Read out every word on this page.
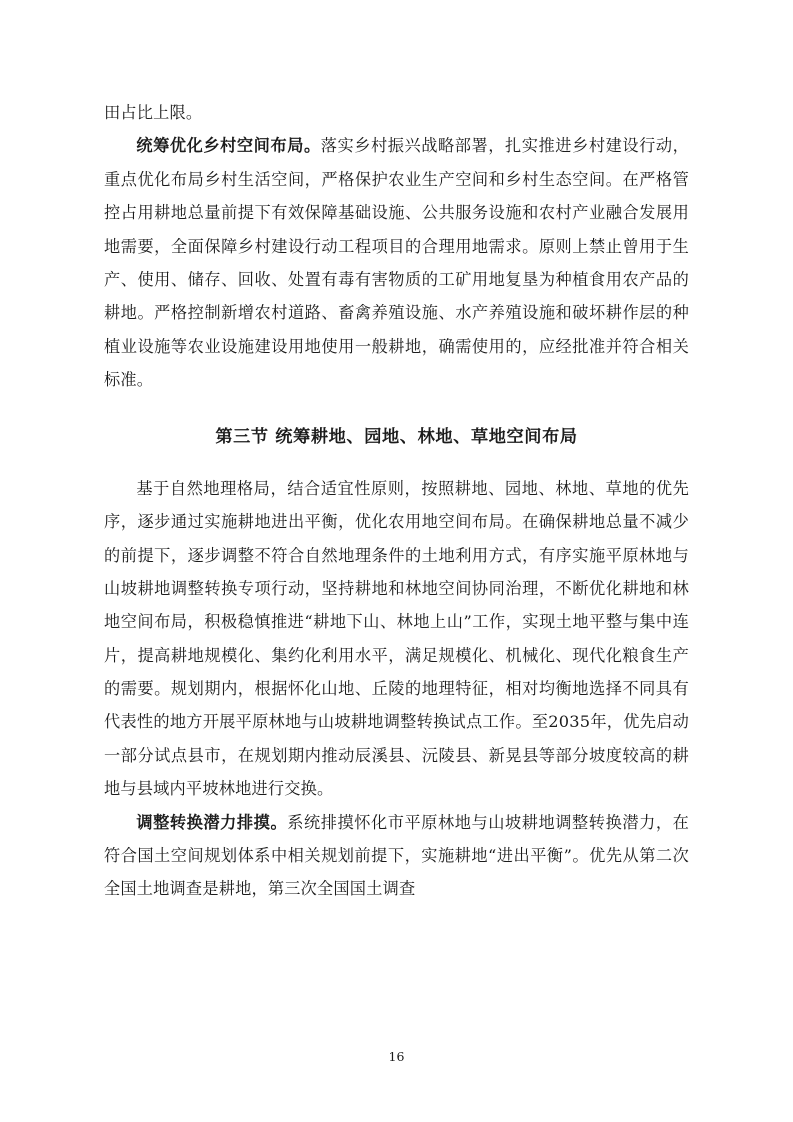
田占比上限。

统筹优化乡村空间布局。落实乡村振兴战略部署，扎实推进乡村建设行动，重点优化布局乡村生活空间，严格保护农业生产空间和乡村生态空间。在严格管控占用耕地总量前提下有效保障基础设施、公共服务设施和农村产业融合发展用地需要，全面保障乡村建设行动工程项目的合理用地需求。原则上禁止曾用于生产、使用、储存、回收、处置有毒有害物质的工矿用地复垦为种植食用农产品的耕地。严格控制新增农村道路、畜禽养殖设施、水产养殖设施和破坏耕作层的种植业设施等农业设施建设用地使用一般耕地，确需使用的，应经批准并符合相关标准。

第三节 统筹耕地、园地、林地、草地空间布局

基于自然地理格局，结合适宜性原则，按照耕地、园地、林地、草地的优先序，逐步通过实施耕地进出平衡，优化农用地空间布局。在确保耕地总量不减少的前提下，逐步调整不符合自然地理条件的土地利用方式，有序实施平原林地与山坡耕地调整转换专项行动，坚持耕地和林地空间协同治理，不断优化耕地和林地空间布局，积极稳慎推进“耕地下山、林地上山”工作，实现土地平整与集中连片，提高耕地规模化、集约化利用水平，满足规模化、机械化、现代化粮食生产的需要。规划期内，根据怀化山地、丘陵的地理特征，相对均衡地选择不同具有代表性的地方开展平原林地与山坡耕地调整转换试点工作。至2035年，优先启动一部分试点县市，在规划期内推动辰溪县、沅陵县、新晃县等部分坡度较高的耕地与县域内平坡林地进行交换。

调整转换潜力排摸。系统排摸怀化市平原林地与山坡耕地调整转换潜力，在符合国土空间规划体系中相关规划前提下，实施耕地“进出平衡”。优先从第二次全国土地调查是耕地，第三次全国国土调查

16
